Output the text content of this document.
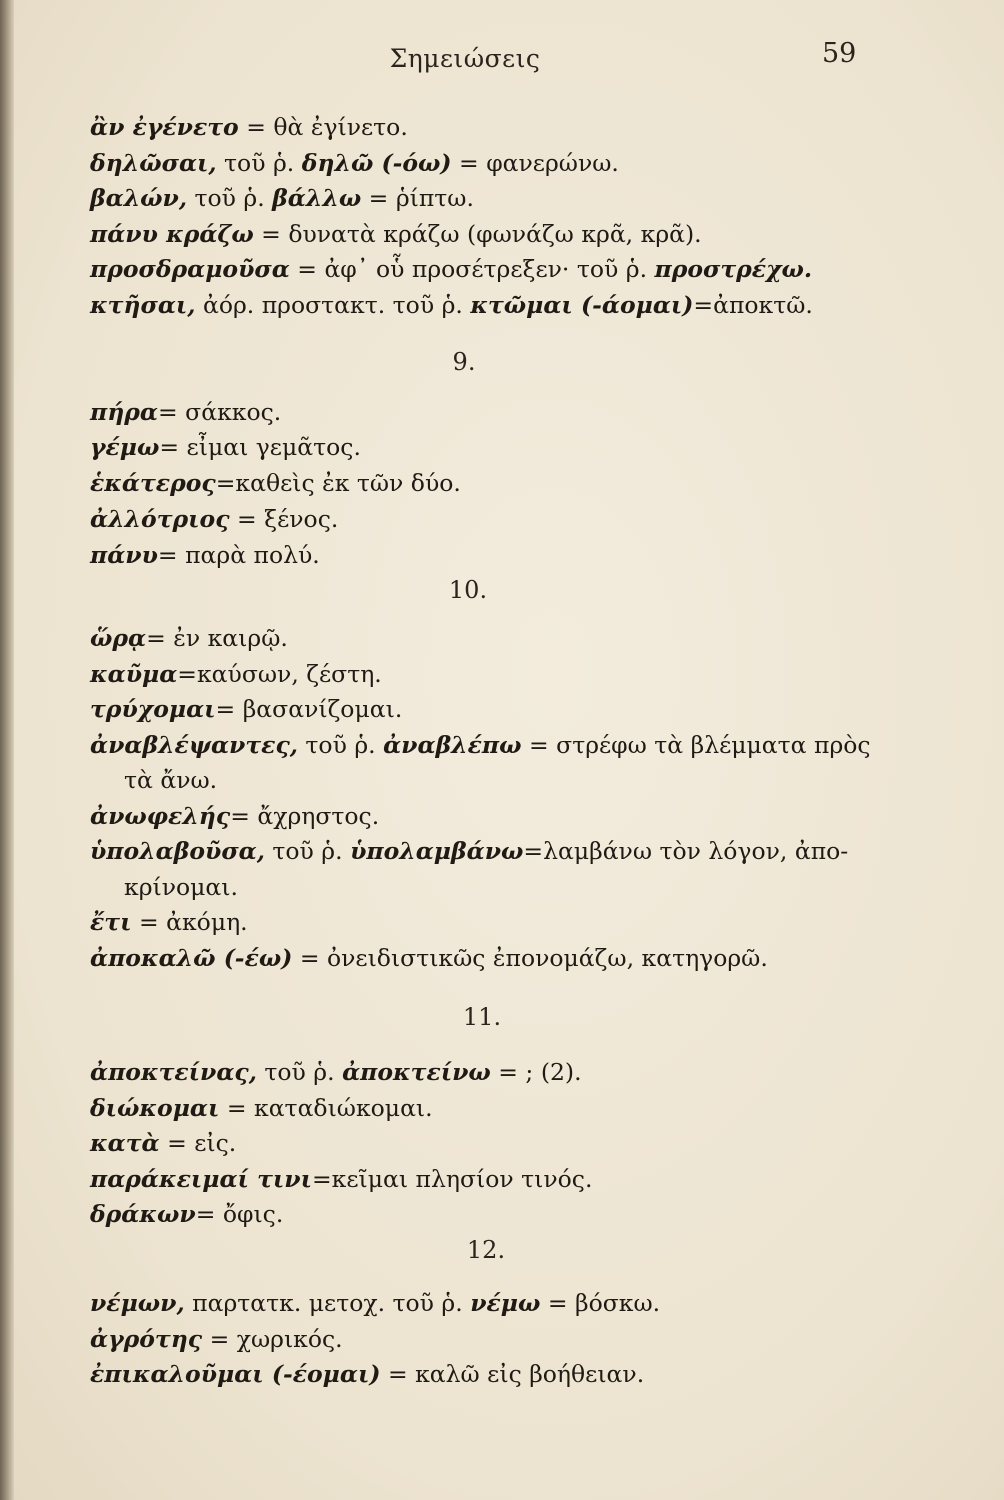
Σημειώσεις	59
ἂν ἐγένετο = θὰ ἐγίνετο.
δηλῶσαι, τοῦ ῥ. δηλῶ (-όω) = φανερώνω.
βαλών, τοῦ ῥ. βάλλω = ῥίπτω.
πάνυ κράζω = δυνατὰ κράζω (φωνάζω κρᾶ, κρᾶ).
προσδραμοῦσα = ἀφ᾽ οὗ προσέτρεξεν· τοῦ ῥ. προστρέχω.
κτῆσαι, ἀόρ. προστακτ. τοῦ ῥ. κτῶμαι (-άομαι)=ἀποκτῶ.
9.
πήρα= σάκκος.
γέμω= εἶμαι γεμᾶτος.
ἑκάτερος=καθεὶς ἐκ τῶν δύο.
ἀλλότριος = ξένος.
πάνυ= παρὰ πολύ.
10.
ὥρᾳ= ἐν καιρῷ.
καῦμα=καύσων, ζέστη.
τρύχομαι= βασανίζομαι.
ἀναβλέψαντες, τοῦ ῥ. ἀναβλέπω = στρέφω τὰ βλέμματα πρὸς
τὰ ἄνω.
ἀνωφελής= ἄχρηστος.
ὑπολαβοῦσα, τοῦ ῥ. ὑπολαμβάνω=λαμβάνω τὸν λόγον, ἀπο-
κρίνομαι.
ἔτι = ἀκόμη.
ἀποκαλῶ (-έω) = ὀνειδιστικῶς ἐπονομάζω, κατηγορῶ.
11.
ἀποκτείνας, τοῦ ῥ. ἀποκτείνω = ; (2).
διώκομαι = καταδιώκομαι.
κατὰ = εἰς.
παράκειμαί τινι=κεῖμαι πλησίον τινός.
δράκων= ὄφις.
12.
νέμων, παρτατκ. μετοχ. τοῦ ῥ. νέμω = βόσκω.
ἀγρότης = χωρικός.
ἐπικαλοῦμαι (-έομαι) = καλῶ εἰς βοήθειαν.
